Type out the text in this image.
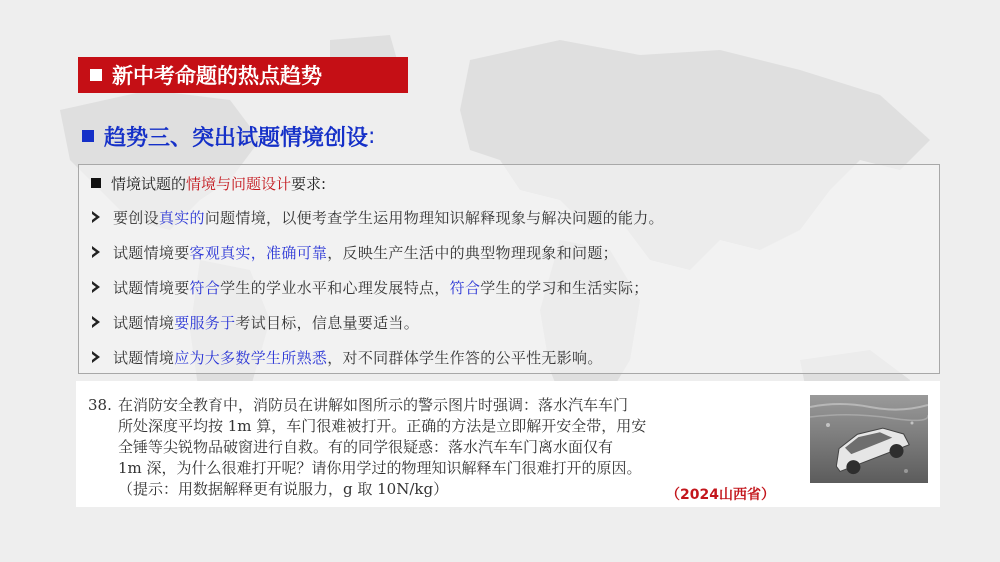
新中考命题的热点趋势
趋势三、突出试题情境创设 :
情境试题的 情境与问题设计 要求:
要创设 真实的 问题情境，以便考查学生运用物理知识解释现象与解决问题的能力。
试题情境要 客观真实，准确可靠 ，反映生产生活中的典型物理现象和问题；
试题情境要 符合 学生的学业水平和心理发展特点， 符合 学生的学习和生活实际；
试题情境 要服务于 考试目标，信息量要适当。
试题情境 应为大多数学生所熟悉 ，对不同群体学生作答的公平性无影响。
38. 在消防安全教育中，消防员在讲解如图所示的警示图片时强调：落水汽车车门
所处深度平均按 1m 算，车门很难被打开。正确的方法是立即解开安全带，用安
全锤等尖锐物品破窗进行自救。有的同学很疑惑：落水汽车车门离水面仅有
1m 深，为什么很难打开呢？请你用学过的物理知识解释车门很难打开的原因。
（提示：用数据解释更有说服力，g 取 10N/kg）	（2024山西省）
